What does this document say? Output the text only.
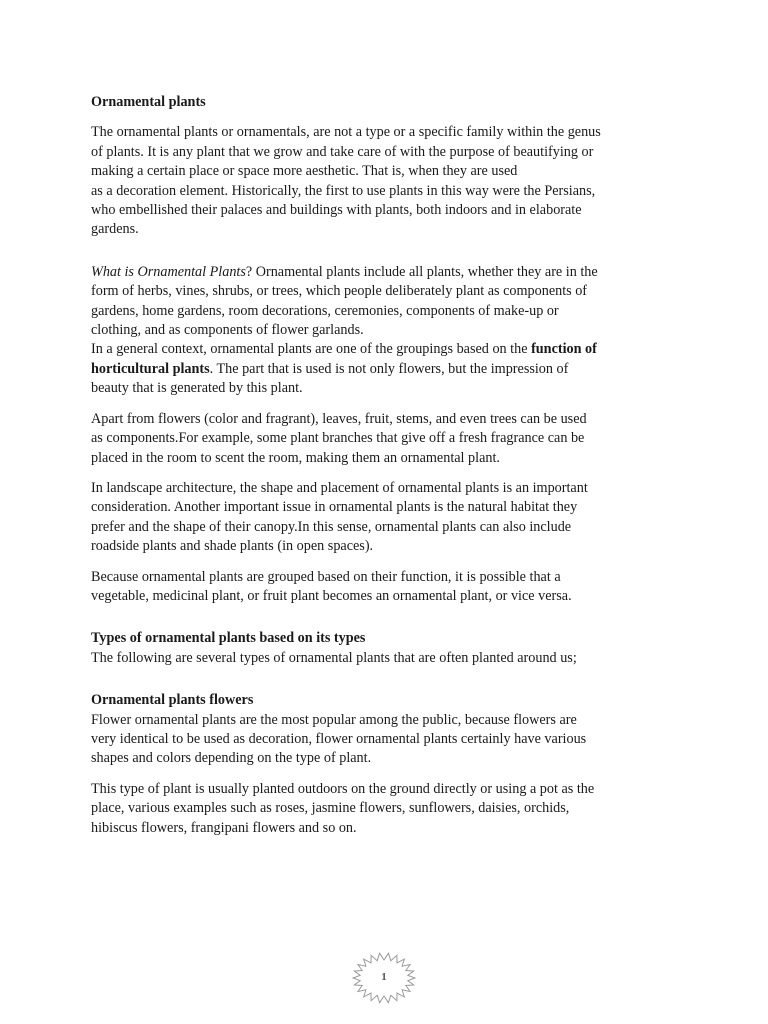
Ornamental plants

The ornamental plants or ornamentals, are not a type or a specific family within the genus
of plants. It is any plant that we grow and take care of with the purpose of beautifying or
making a certain place or space more aesthetic. That is, when they are used
as a decoration element. Historically, the first to use plants in this way were the Persians,
who embellished their palaces and buildings with plants, both indoors and in elaborate
gardens.

What is Ornamental Plants? Ornamental plants include all plants, whether they are in the
form of herbs, vines, shrubs, or trees, which people deliberately plant as components of
gardens, home gardens, room decorations, ceremonies, components of make-up or
clothing, and as components of flower garlands.

In a general context, ornamental plants are one of the groupings based on the function of
horticultural plants. The part that is used is not only flowers, but the impression of
beauty that is generated by this plant.

Apart from flowers (color and fragrant), leaves, fruit, stems, and even trees can be used
as components.For example, some plant branches that give off a fresh fragrance can be
placed in the room to scent the room, making them an ornamental plant.

In landscape architecture, the shape and placement of ornamental plants is an important
consideration. Another important issue in ornamental plants is the natural habitat they
prefer and the shape of their canopy.In this sense, ornamental plants can also include
roadside plants and shade plants (in open spaces).

Because ornamental plants are grouped based on their function, it is possible that a
vegetable, medicinal plant, or fruit plant becomes an ornamental plant, or vice versa.

Types of ornamental plants based on its types

The following are several types of ornamental plants that are often planted around us;

Ornamental plants flowers

Flower ornamental plants are the most popular among the public, because flowers are
very identical to be used as decoration, flower ornamental plants certainly have various
shapes and colors depending on the type of plant.

This type of plant is usually planted outdoors on the ground directly or using a pot as the
place, various examples such as roses, jasmine flowers, sunflowers, daisies, orchids,
hibiscus flowers, frangipani flowers and so on.

1
